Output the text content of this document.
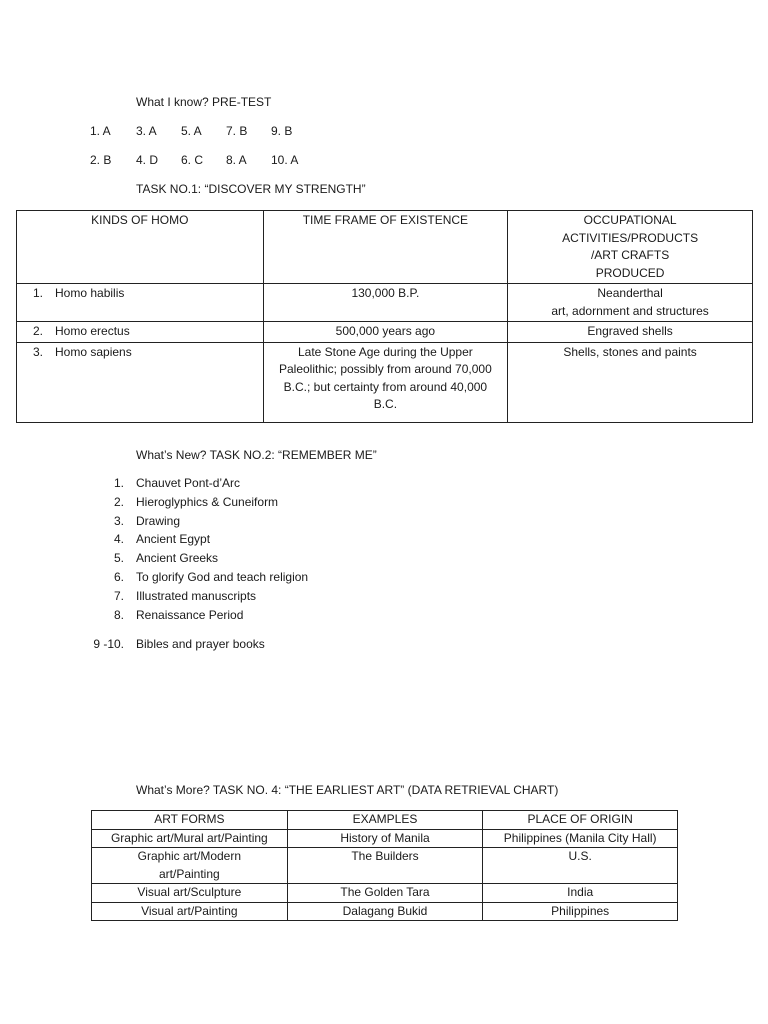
What I know? PRE-TEST
1. A 3. A 5. A 7. B 9. B
2. B 4. D 6. C 8. A 10. A
TASK NO.1: “DISCOVER MY STRENGTH”
KINDS OF HOMO	TIME FRAME OF EXISTENCE	OCCUPATIONAL
ACTIVITIES/PRODUCTS
/ART CRAFTS
PRODUCED

1. Homo habilis	130,000 B.P.	Neanderthal
art, adornment and structures

2. Homo erectus	500,000 years ago	Engraved shells
3. Homo sapiens	Late Stone Age during the Upper
Paleolithic; possibly from around 70,000
B.C.; but certainty from around 40,000
B.C.	Shells, stones and paints
What’s New? TASK NO.2: “REMEMBER ME”
1. Chauvet Pont-d’Arc
2. Hieroglyphics & Cuneiform
3. Drawing
4. Ancient Egypt
5. Ancient Greeks
6. To glorify God and teach religion
7. Illustrated manuscripts
8. Renaissance Period
9 -10. Bibles and prayer books
What’s More? TASK NO. 4: “THE EARLIEST ART” (DATA RETRIEVAL CHART)
ART FORMS	EXAMPLES	PLACE OF ORIGIN
Graphic art/Mural art/Painting	History of Manila	Philippines (Manila City Hall)

Graphic art/Modern
art/Painting	The Builders	U.S.
Visual art/Sculpture	The Golden Tara	India
Visual art/Painting	Dalagang Bukid	Philippines
